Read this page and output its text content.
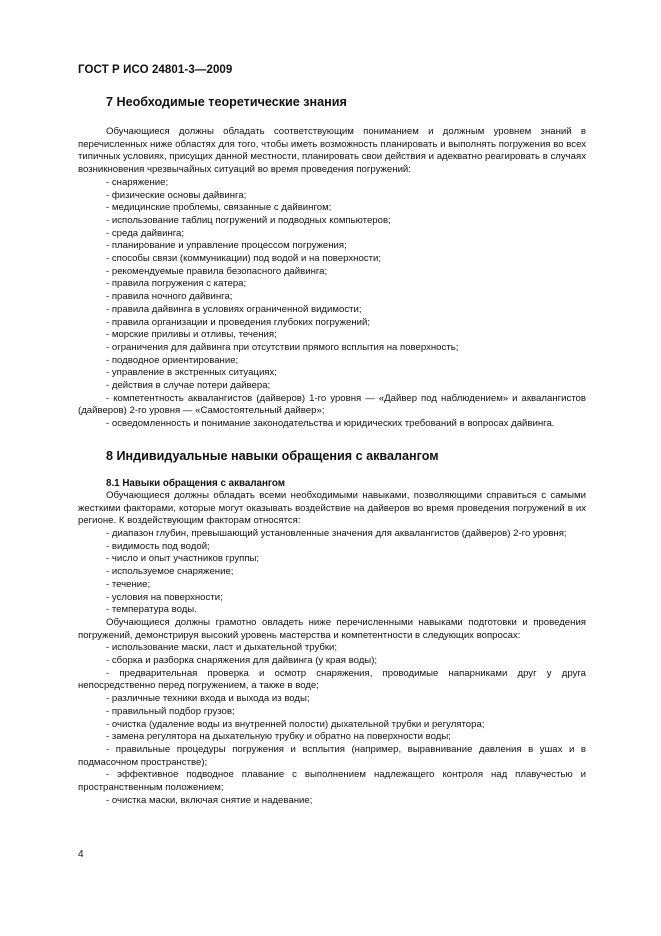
ГОСТ Р ИСО 24801-3—2009
7 Необходимые теоретические знания

Обучающиеся должны обладать соответствующим пониманием и должным уровнем знаний в перечисленных ниже областях для того, чтобы иметь возможность планировать и выполнять погружения во всех типичных условиях, присущих данной местности, планировать свои действия и адекватно реагировать в случаях возникновения чрезвычайных ситуаций во время проведения погружений:

- снаряжение;

- физические основы дайвинга;

- медицинские проблемы, связанные с дайвингом;

- использование таблиц погружений и подводных компьютеров;

- среда дайвинга;

- планирование и управление процессом погружения;

- способы связи (коммуникации) под водой и на поверхности;

- рекомендуемые правила безопасного дайвинга;

- правила погружения с катера;

- правила ночного дайвинга;

- правила дайвинга в условиях ограниченной видимости;

- правила организации и проведения глубоких погружений;

- морские приливы и отливы, течения;

- ограничения для дайвинга при отсутствии прямого всплытия на поверхность;

- подводное ориентирование;

- управление в экстренных ситуациях;

- действия в случае потери дайвера;

- компетентность аквалангистов (дайверов) 1-го уровня — «Дайвер под наблюдением» и аквалангистов (дайверов) 2-го уровня — «Самостоятельный дайвер»;

- осведомленность и понимание законодательства и юридических требований в вопросах дайвинга.

8 Индивидуальные навыки обращения с аквалангом
8.1 Навыки обращения с аквалангом

Обучающиеся должны обладать всеми необходимыми навыками, позволяющими справиться с самыми жесткими факторами, которые могут оказывать воздействие на дайверов во время проведения погружений в их регионе. К воздействующим факторам относятся:

- диапазон глубин, превышающий установленные значения для аквалангистов (дайверов) 2-го уровня;

- видимость под водой;

- число и опыт участников группы;

- используемое снаряжение;

- течение;

- условия на поверхности;

- температура воды.

Обучающиеся должны грамотно овладеть ниже перечисленными навыками подготовки и проведения погружений, демонстрируя высокий уровень мастерства и компетентности в следующих вопросах:

- использование маски, ласт и дыхательной трубки;

- сборка и разборка снаряжения для дайвинга (у края воды);

- предварительная проверка и осмотр снаряжения, проводимые напарниками друг у друга непосредственно перед погружением, а также в воде;

- различные техники входа и выхода из воды;

- правильный подбор грузов;

- очистка (удаление воды из внутренней полости) дыхательной трубки и регулятора;

- замена регулятора на дыхательную трубку и обратно на поверхности воды;

- правильные процедуры погружения и всплытия (например, выравнивание давления в ушах и в подмасочном пространстве);

- эффективное подводное плавание с выполнением надлежащего контроля над плавучестью и пространственным положением;

- очистка маски, включая снятие и надевание;

4
